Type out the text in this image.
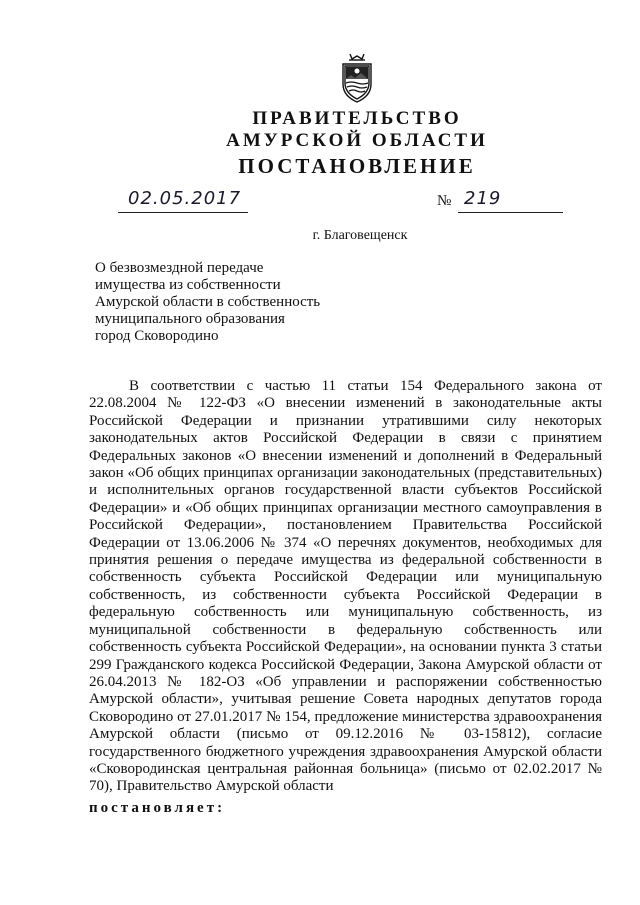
ПРАВИТЕЛЬСТВО
АМУРСКОЙ ОБЛАСТИ
ПОСТАНОВЛЕНИЕ
02.05.2017	№ 219
г. Благовещенск
О безвозмездной передаче
имущества из собственности
Амурской области в собственность
муниципального образования
город Сковородино

В соответствии с частью 11 статьи 154 Федерального закона от 22.08.2004 № 122-ФЗ «О внесении изменений в законодательные акты Российской Федерации и признании утратившими силу некоторых законодательных актов Российской Федерации в связи с принятием Федеральных законов «О внесении изменений и дополнений в Федеральный закон «Об общих принципах организации законодательных (представительных) и исполнительных органов государственной власти субъектов Российской Федерации» и «Об общих принципах организации местного самоуправления в Российской Федерации», постановлением Правительства Российской Федерации от 13.06.2006 № 374 «О перечнях документов, необходимых для принятия решения о передаче имущества из федеральной собственности в собственность субъекта Российской Федерации или муниципальную собственность, из собственности субъекта Российской Федерации в федеральную собственность или муниципальную собственность, из муниципальной собственности в федеральную собственность или собственность субъекта Российской Федерации», на основании пункта 3 статьи 299 Гражданского кодекса Российской Федерации, Закона Амурской области от 26.04.2013 № 182-ОЗ «Об управлении и распоряжении собственностью Амурской области», учитывая решение Совета народных депутатов города Сковородино от 27.01.2017 № 154, предложение министерства здравоохранения Амурской области (письмо от 09.12.2016 № 03-15812), согласие государственного бюджетного учреждения здравоохранения Амурской области «Сковородинская центральная районная больница» (письмо от 02.02.2017 № 70), Правительство Амурской области

постановляет:
